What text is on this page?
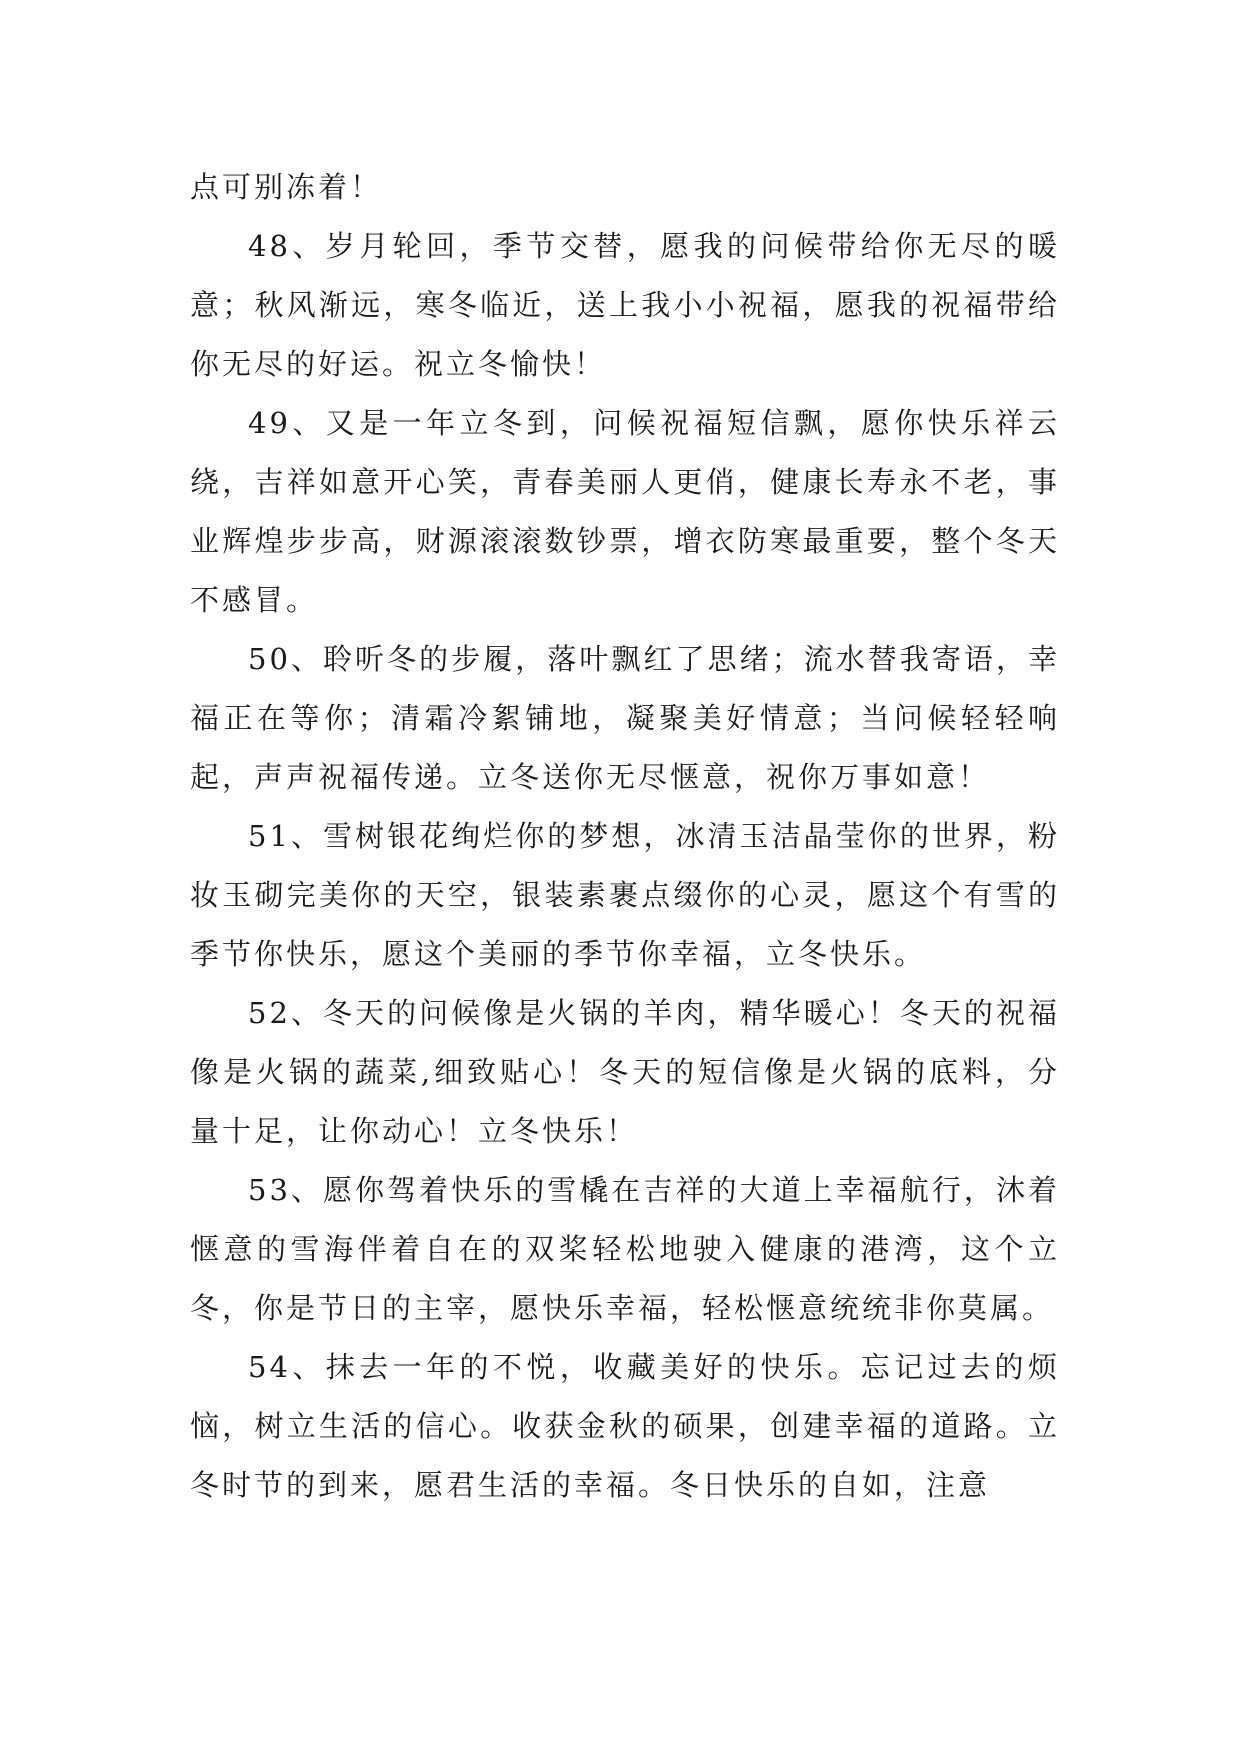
点可别冻着！

48、岁月轮回，季节交替，愿我的问候带给你无尽的暖意；秋风渐远，寒冬临近，送上我小小祝福，愿我的祝福带给你无尽的好运。祝立冬愉快！

49、又是一年立冬到，问候祝福短信飘，愿你快乐祥云绕，吉祥如意开心笑，青春美丽人更俏，健康长寿永不老，事业辉煌步步高，财源滚滚数钞票，增衣防寒最重要，整个冬天不感冒。

50、聆听冬的步履，落叶飘红了思绪；流水替我寄语，幸福正在等你；清霜冷絮铺地，凝聚美好情意；当问候轻轻响起，声声祝福传递。立冬送你无尽惬意，祝你万事如意！

51、雪树银花绚烂你的梦想，冰清玉洁晶莹你的世界，粉妆玉砌完美你的天空，银装素裹点缀你的心灵，愿这个有雪的季节你快乐，愿这个美丽的季节你幸福，立冬快乐。

52、冬天的问候像是火锅的羊肉，精华暖心！冬天的祝福像是火锅的蔬菜,细致贴心！冬天的短信像是火锅的底料，分量十足，让你动心！立冬快乐！

53、愿你驾着快乐的雪橇在吉祥的大道上幸福航行，沐着惬意的雪海伴着自在的双桨轻松地驶入健康的港湾，这个立冬，你是节日的主宰，愿快乐幸福，轻松惬意统统非你莫属。

54、抹去一年的不悦，收藏美好的快乐。忘记过去的烦恼，树立生活的信心。收获金秋的硕果，创建幸福的道路。立冬时节的到来，愿君生活的幸福。冬日快乐的自如，注意
